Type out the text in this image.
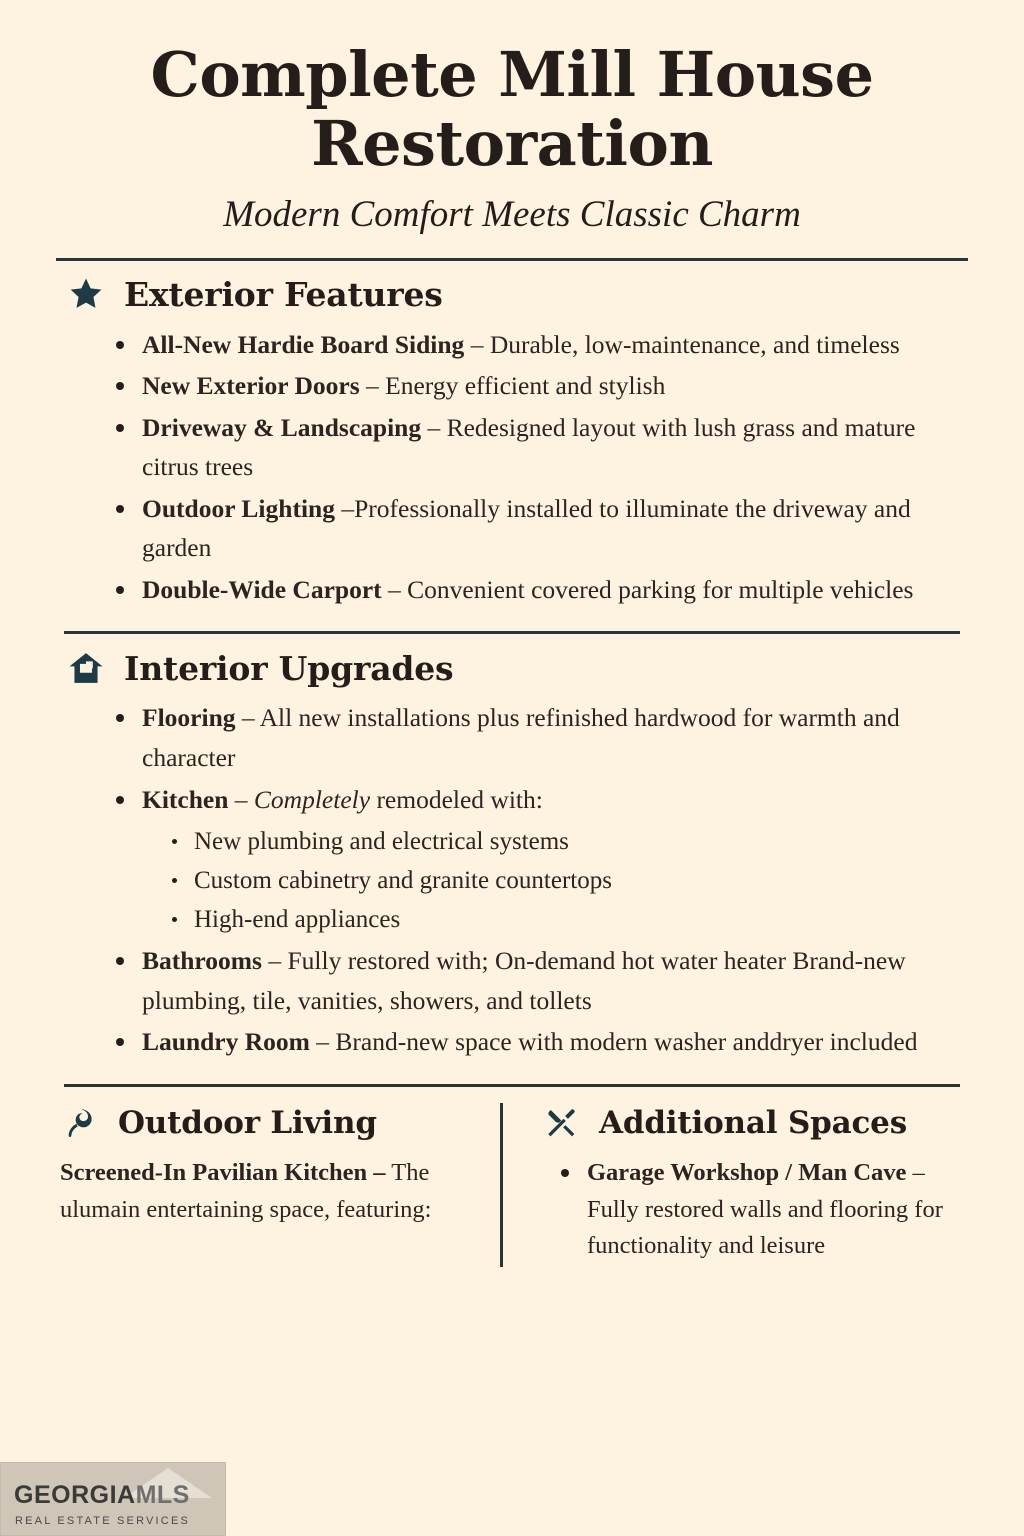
Complete Mill House Restoration
Modern Comfort Meets Classic Charm
Exterior Features
All-New Hardie Board Siding – Durable, low-maintenance, and timeless
New Exterior Doors – Energy efficient and stylish
Driveway & Landscaping – Redesigned layout with lush grass and mature citrus trees
Outdoor Lighting –Professionally installed to illuminate the driveway and garden
Double-Wide Carport – Convenient covered parking for multiple vehicles
Interior Upgrades
Flooring – All new installations plus refinished hardwood for warmth and character
Kitchen – Completely remodeled with:
New plumbing and electrical systems
Custom cabinetry and granite countertops
High-end appliances
Bathrooms – Fully restored with; On-demand hot water heater Brand-new plumbing, tile, vanities, showers, and tollets
Laundry Room – Brand-new space with modern washer anddryer included
Outdoor Living
Screened-In Pavilian Kitchen – The ulumain entertaining space, featuring:
Additional Spaces
Garage Workshop / Man Cave – Fully restored walls and flooring for functionality and leisure
GEORGIAMLS
REAL ESTATE SERVICES
